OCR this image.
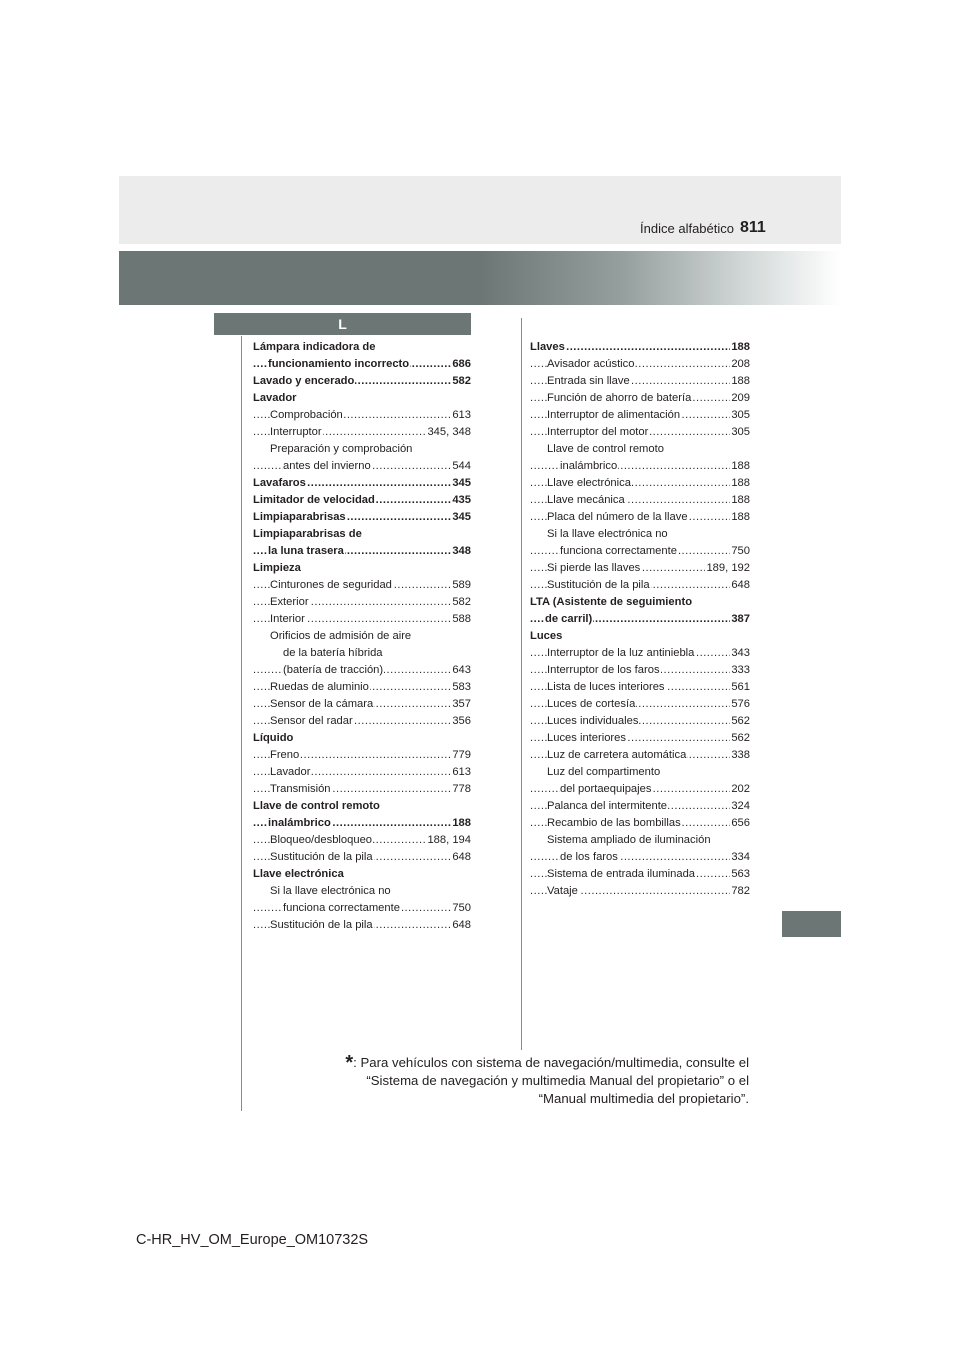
Índice alfabético 811
L
Lámpara indicadora de
funcionamiento incorrecto	686
.....
Lavado y encerado	582
.....
Lavador
Comprobación	613
.....
Interruptor	345, 348
.....
Preparación y comprobación
antes del invierno	544
.....
Lavafaros	345
.....
Limitador de velocidad	435
.....
Limpiaparabrisas	345
.....
Limpiaparabrisas de
la luna trasera	348
.....
Limpieza
Cinturones de seguridad	589
.....
Exterior	582
.....
Interior	588
.....
Orificios de admisión de aire
de la batería híbrida
(batería de tracción)	643
.....
Ruedas de aluminio	583
.....
Sensor de la cámara	357
.....
Sensor del radar	356
.....
Líquido
Freno	779
.....
Lavador	613
.....
Transmisión	778
.....
Llave de control remoto
inalámbrico	188
.....
Bloqueo/desbloqueo	188, 194
.....
Sustitución de la pila	648
.....
Llave electrónica
Si la llave electrónica no
funciona correctamente	750
.....
Sustitución de la pila	648
.....
Llaves	188
.....
Avisador acústico	208
.....
Entrada sin llave	188
.....
Función de ahorro de batería	209
.....
Interruptor de alimentación	305
.....
Interruptor del motor	305
.....
Llave de control remoto
inalámbrico	188
.....
Llave electrónica	188
.....
Llave mecánica	188
.....
Placa del número de la llave	188
.....
Si la llave electrónica no
funciona correctamente	750
.....
Si pierde las llaves	189, 192
.....
Sustitución de la pila	648
.....
LTA (Asistente de seguimiento
de carril)	387
.....
Luces
Interruptor de la luz antiniebla	343
.....
Interruptor de los faros	333
.....
Lista de luces interiores	561
.....
Luces de cortesía	576
.....
Luces individuales	562
.....
Luces interiores	562
.....
Luz de carretera automática	338
.....
Luz del compartimento
del portaequipajes	202
.....
Palanca del intermitente	324
.....
Recambio de las bombillas	656
.....
Sistema ampliado de iluminación
de los faros	334
.....
Sistema de entrada iluminada	563
.....
Vataje	782
.....
*: Para vehículos con sistema de navegación/multimedia, consulte el
“Sistema de navegación y multimedia Manual del propietario” o el
“Manual multimedia del propietario”.
C-HR_HV_OM_Europe_OM10732S
